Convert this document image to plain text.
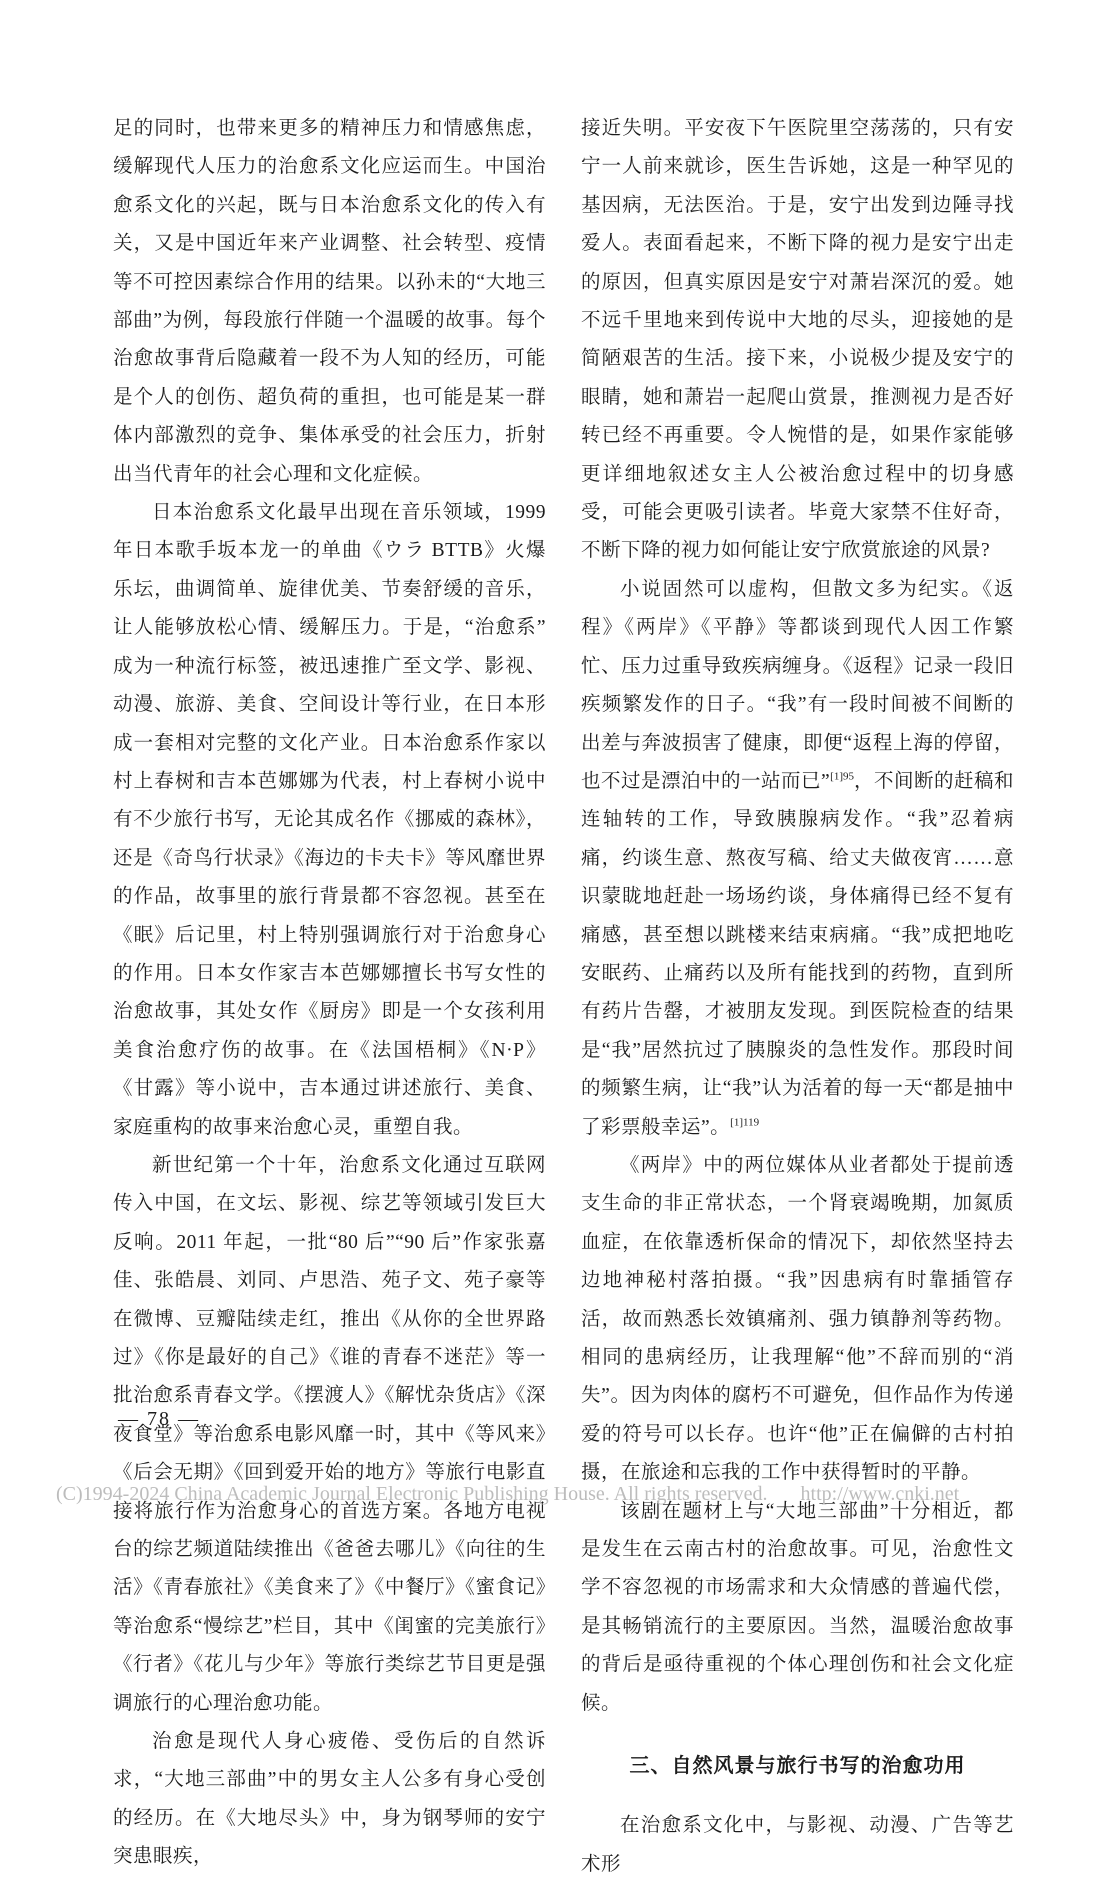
足的同时，也带来更多的精神压力和情感焦虑，缓解现代人压力的治愈系文化应运而生。中国治愈系文化的兴起，既与日本治愈系文化的传入有关，又是中国近年来产业调整、社会转型、疫情等不可控因素综合作用的结果。以孙未的“大地三部曲”为例，每段旅行伴随一个温暖的故事。每个治愈故事背后隐藏着一段不为人知的经历，可能是个人的创伤、超负荷的重担，也可能是某一群体内部激烈的竞争、集体承受的社会压力，折射出当代青年的社会心理和文化症候。

日本治愈系文化最早出现在音乐领域，1999 年日本歌手坂本龙一的单曲《ウラ BTTB》火爆乐坛，曲调简单、旋律优美、节奏舒缓的音乐，让人能够放松心情、缓解压力。于是，“治愈系”成为一种流行标签，被迅速推广至文学、影视、动漫、旅游、美食、空间设计等行业，在日本形成一套相对完整的文化产业。日本治愈系作家以村上春树和吉本芭娜娜为代表，村上春树小说中有不少旅行书写，无论其成名作《挪威的森林》，还是《奇鸟行状录》《海边的卡夫卡》等风靡世界的作品，故事里的旅行背景都不容忽视。甚至在《眠》后记里，村上特别强调旅行对于治愈身心的作用。日本女作家吉本芭娜娜擅长书写女性的治愈故事，其处女作《厨房》即是一个女孩利用美食治愈疗伤的故事。在《法国梧桐》《N·P》《甘露》等小说中，吉本通过讲述旅行、美食、家庭重构的故事来治愈心灵，重塑自我。

新世纪第一个十年，治愈系文化通过互联网传入中国，在文坛、影视、综艺等领域引发巨大反响。2011 年起，一批“80 后”“90 后”作家张嘉佳、张皓晨、刘同、卢思浩、苑子文、苑子豪等在微博、豆瓣陆续走红，推出《从你的全世界路过》《你是最好的自己》《谁的青春不迷茫》等一批治愈系青春文学。《摆渡人》《解忧杂货店》《深夜食堂》等治愈系电影风靡一时，其中《等风来》《后会无期》《回到爱开始的地方》等旅行电影直接将旅行作为治愈身心的首选方案。各地方电视台的综艺频道陆续推出《爸爸去哪儿》《向往的生活》《青春旅社》《美食来了》《中餐厅》《蜜食记》等治愈系“慢综艺”栏目，其中《闺蜜的完美旅行》《行者》《花儿与少年》等旅行类综艺节目更是强调旅行的心理治愈功能。

治愈是现代人身心疲倦、受伤后的自然诉求，“大地三部曲”中的男女主人公多有身心受创的经历。在《大地尽头》中，身为钢琴师的安宁突患眼疾，

接近失明。平安夜下午医院里空荡荡的，只有安宁一人前来就诊，医生告诉她，这是一种罕见的基因病，无法医治。于是，安宁出发到边陲寻找爱人。表面看起来，不断下降的视力是安宁出走的原因，但真实原因是安宁对萧岩深沉的爱。她不远千里地来到传说中大地的尽头，迎接她的是简陋艰苦的生活。接下来，小说极少提及安宁的眼睛，她和萧岩一起爬山赏景，推测视力是否好转已经不再重要。令人惋惜的是，如果作家能够更详细地叙述女主人公被治愈过程中的切身感受，可能会更吸引读者。毕竟大家禁不住好奇，不断下降的视力如何能让安宁欣赏旅途的风景?

小说固然可以虚构，但散文多为纪实。《返程》《两岸》《平静》等都谈到现代人因工作繁忙、压力过重导致疾病缠身。《返程》记录一段旧疾频繁发作的日子。“我”有一段时间被不间断的出差与奔波损害了健康，即便“返程上海的停留，也不过是漂泊中的一站而已”$^{[1]95}$，不间断的赶稿和连轴转的工作，导致胰腺病发作。“我”忍着病痛，约谈生意、熬夜写稿、给丈夫做夜宵……意识蒙眬地赶赴一场场约谈，身体痛得已经不复有痛感，甚至想以跳楼来结束病痛。“我”成把地吃安眠药、止痛药以及所有能找到的药物，直到所有药片告罄，才被朋友发现。到医院检查的结果是“我”居然抗过了胰腺炎的急性发作。那段时间的频繁生病，让“我”认为活着的每一天“都是抽中了彩票般幸运”。$^{[1]119}$

《两岸》中的两位媒体从业者都处于提前透支生命的非正常状态，一个肾衰竭晚期，加氮质血症，在依靠透析保命的情况下，却依然坚持去边地神秘村落拍摄。“我”因患病有时靠插管存活，故而熟悉长效镇痛剂、强力镇静剂等药物。相同的患病经历，让我理解“他”不辞而别的“消失”。因为肉体的腐朽不可避免，但作品作为传递爱的符号可以长存。也许“他”正在偏僻的古村拍摄，在旅途和忘我的工作中获得暂时的平静。

该剧在题材上与“大地三部曲”十分相近，都是发生在云南古村的治愈故事。可见，治愈性文学不容忽视的市场需求和大众情感的普遍代偿，是其畅销流行的主要原因。当然，温暖治愈故事的背后是亟待重视的个体心理创伤和社会文化症候。

三、自然风景与旅行书写的治愈功用

在治愈系文化中，与影视、动漫、广告等艺术形

— 78 —
(C)1994-2024 China Academic Journal Electronic Publishing House. All rights reserved. http://www.cnki.net
